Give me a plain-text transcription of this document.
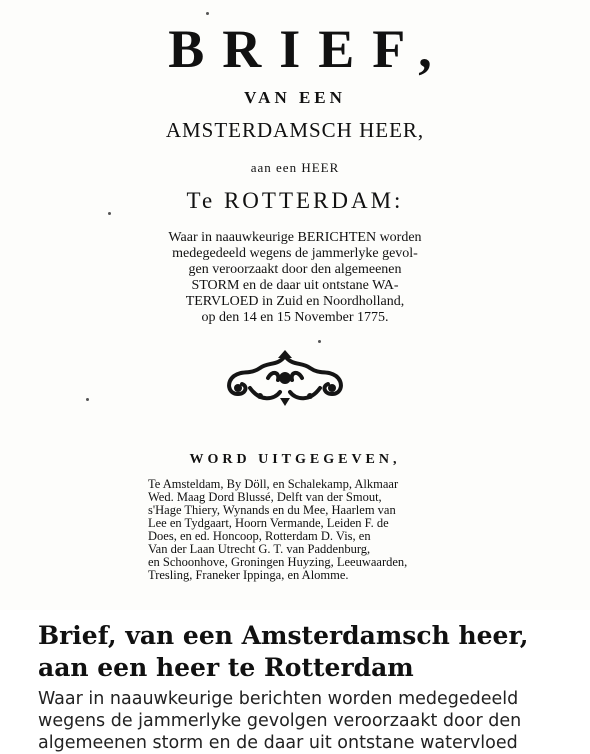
BRIEF,
VAN EEN
AMSTERDAMSCH HEER,
aan een HEER
Te ROTTERDAM:
Waar in naauwkeurige BERICHTEN worden
medegedeeld wegens de jammerlyke gevol-
gen veroorzaakt door den algemeenen
STORM en de daar uit ontstane WA-
TERVLOED in Zuid en Noordholland,
op den 14 en 15 November 1775.
WORD UITGEGEVEN,
Te Amsteldam, By Döll, en Schalekamp, Alkmaar
Wed. Maag Dord Blussé, Delft van der Smout,
s'Hage Thiery, Wynands en du Mee, Haarlem van
Lee en Tydgaart, Hoorn Vermande, Leiden F. de
Does, en ed. Honcoop, Rotterdam D. Vis, en
Van der Laan Utrecht G. T. van Paddenburg,
en Schoonhove, Groningen Huyzing, Leeuwaarden,
Tresling, Franeker Ippinga, en Alomme.
Brief, van een Amsterdamsch heer, aan een heer te Rotterdam

Waar in naauwkeurige berichten worden medegedeeld wegens de jammerlyke gevolgen veroorzaakt door den algemeenen storm en de daar uit ontstane watervloed
